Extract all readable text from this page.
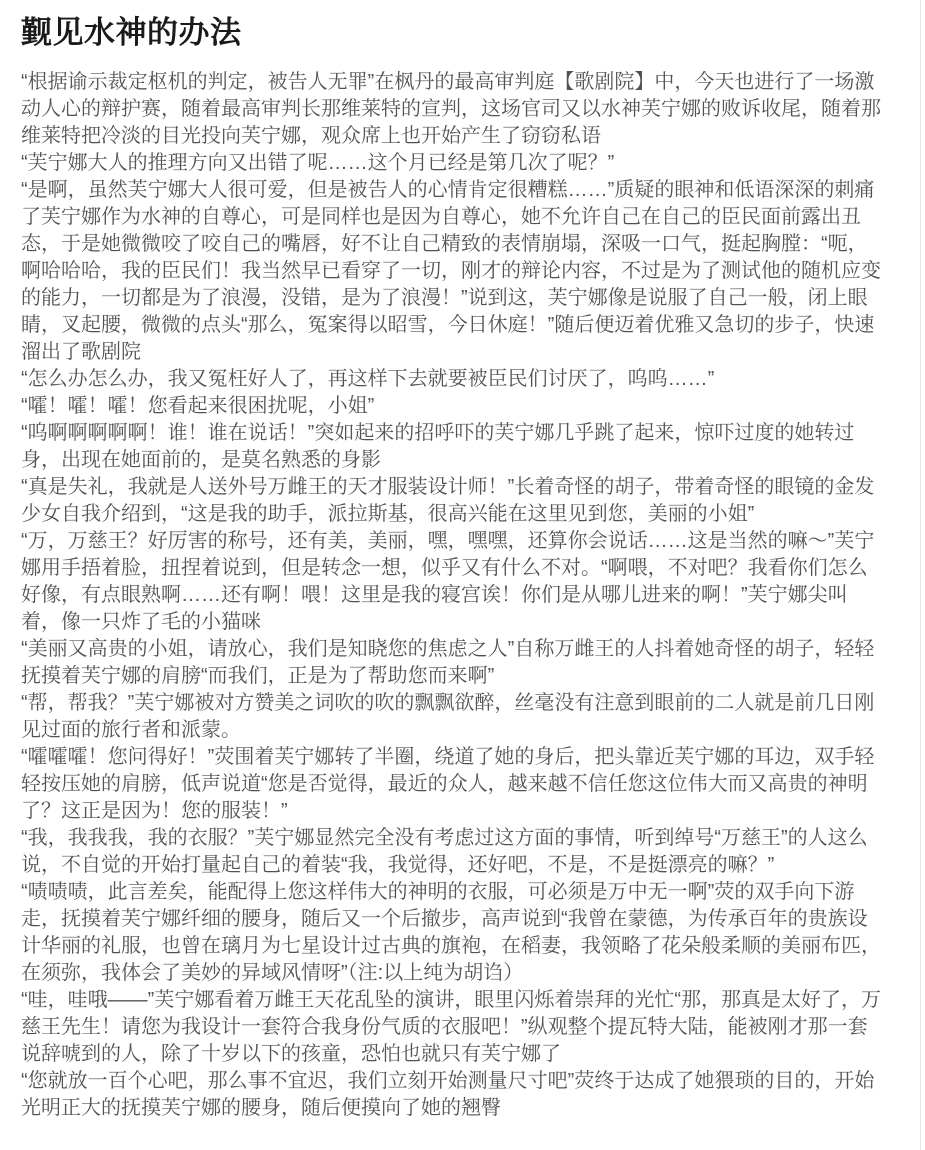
觐见水神的办法

“根据谕示裁定枢机的判定，被告人无罪”在枫丹的最高审判庭【歌剧院】中，今天也进行了一场激动人心的辩护赛，随着最高审判长那维莱特的宣判，这场官司又以水神芙宁娜的败诉收尾，随着那维莱特把冷淡的目光投向芙宁娜，观众席上也开始产生了窃窃私语

“芙宁娜大人的推理方向又出错了呢……这个月已经是第几次了呢？”

“是啊，虽然芙宁娜大人很可爱，但是被告人的心情肯定很糟糕……”质疑的眼神和低语深深的刺痛了芙宁娜作为水神的自尊心，可是同样也是因为自尊心，她不允许自己在自己的臣民面前露出丑态，于是她微微咬了咬自己的嘴唇，好不让自己精致的表情崩塌，深吸一口气，挺起胸膛：“呃，啊哈哈哈，我的臣民们！我当然早已看穿了一切，刚才的辩论内容，不过是为了测试他的随机应变的能力，一切都是为了浪漫，没错，是为了浪漫！”说到这，芙宁娜像是说服了自己一般，闭上眼睛，叉起腰，微微的点头“那么，冤案得以昭雪，今日休庭！”随后便迈着优雅又急切的步子，快速溜出了歌剧院

“怎么办怎么办，我又冤枉好人了，再这样下去就要被臣民们讨厌了，呜呜……”

“嚯！嚯！嚯！您看起来很困扰呢，小姐”

“呜啊啊啊啊啊！谁！谁在说话！”突如起来的招呼吓的芙宁娜几乎跳了起来，惊吓过度的她转过身，出现在她面前的，是莫名熟悉的身影

“真是失礼，我就是人送外号万雌王的天才服装设计师！”长着奇怪的胡子，带着奇怪的眼镜的金发少女自我介绍到，“这是我的助手，派拉斯基，很高兴能在这里见到您，美丽的小姐”

“万，万慈王？好厉害的称号，还有美，美丽，嘿，嘿嘿，还算你会说话……这是当然的嘛～”芙宁娜用手捂着脸，扭捏着说到，但是转念一想，似乎又有什么不对。“啊喂，不对吧？我看你们怎么好像，有点眼熟啊……还有啊！喂！这里是我的寝宫诶！你们是从哪儿进来的啊！”芙宁娜尖叫着，像一只炸了毛的小猫咪

“美丽又高贵的小姐，请放心，我们是知晓您的焦虑之人”自称万雌王的人抖着她奇怪的胡子，轻轻抚摸着芙宁娜的肩膀“而我们，正是为了帮助您而来啊”

“帮，帮我？”芙宁娜被对方赞美之词吹的吹的飘飘欲醉，丝毫没有注意到眼前的二人就是前几日刚见过面的旅行者和派蒙。

“嚯嚯嚯！您问得好！”荧围着芙宁娜转了半圈，绕道了她的身后，把头靠近芙宁娜的耳边，双手轻轻按压她的肩膀，低声说道“您是否觉得，最近的众人，越来越不信任您这位伟大而又高贵的神明了？这正是因为！您的服装！”

“我，我我我，我的衣服？”芙宁娜显然完全没有考虑过这方面的事情，听到绰号“万慈王”的人这么说，不自觉的开始打量起自己的着装“我，我觉得，还好吧，不是，不是挺漂亮的嘛？”

“啧啧啧，此言差矣，能配得上您这样伟大的神明的衣服，可必须是万中无一啊”荧的双手向下游走，抚摸着芙宁娜纤细的腰身，随后又一个后撤步，高声说到“我曾在蒙德，为传承百年的贵族设计华丽的礼服，也曾在璃月为七星设计过古典的旗袍，在稻妻，我领略了花朵般柔顺的美丽布匹，在须弥，我体会了美妙的异域风情呀”（注:以上纯为胡诌）

“哇，哇哦——”芙宁娜看着万雌王天花乱坠的演讲，眼里闪烁着崇拜的光忙“那，那真是太好了，万慈王先生！请您为我设计一套符合我身份气质的衣服吧！”纵观整个提瓦特大陆，能被刚才那一套说辞唬到的人，除了十岁以下的孩童，恐怕也就只有芙宁娜了

“您就放一百个心吧，那么事不宜迟，我们立刻开始测量尺寸吧”荧终于达成了她猥琐的目的，开始光明正大的抚摸芙宁娜的腰身，随后便摸向了她的翘臀
